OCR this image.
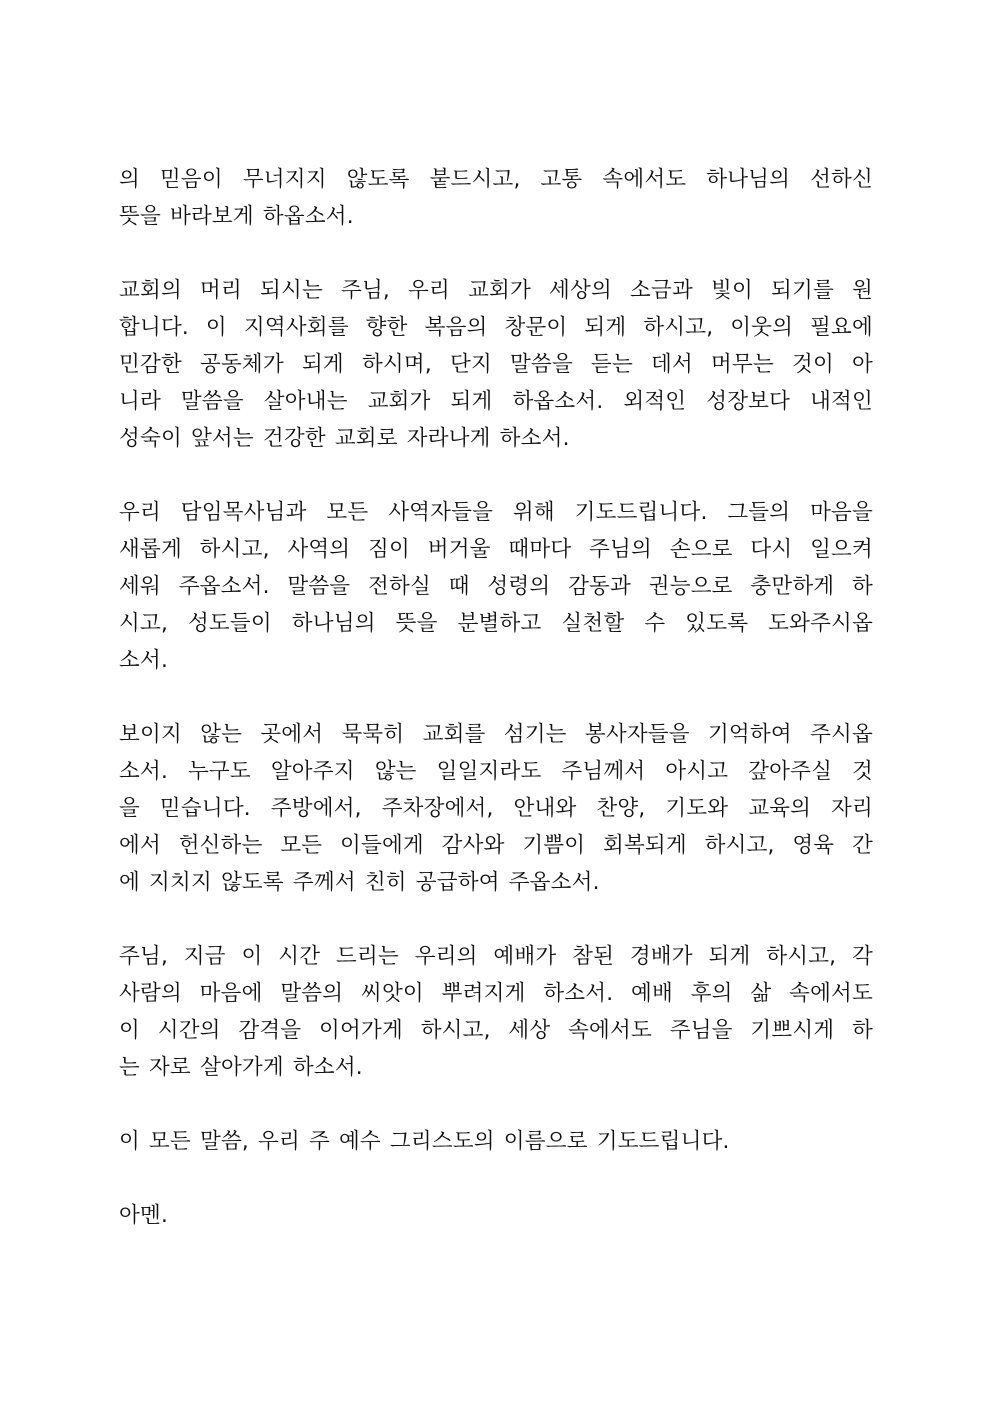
의 믿음이 무너지지 않도록 붙드시고, 고통 속에서도 하나님의 선하신
뜻을 바라보게 하옵소서.
교회의 머리 되시는 주님, 우리 교회가 세상의 소금과 빛이 되기를 원
합니다. 이 지역사회를 향한 복음의 창문이 되게 하시고, 이웃의 필요에
민감한 공동체가 되게 하시며, 단지 말씀을 듣는 데서 머무는 것이 아
니라 말씀을 살아내는 교회가 되게 하옵소서. 외적인 성장보다 내적인
성숙이 앞서는 건강한 교회로 자라나게 하소서.
우리 담임목사님과 모든 사역자들을 위해 기도드립니다. 그들의 마음을
새롭게 하시고, 사역의 짐이 버거울 때마다 주님의 손으로 다시 일으켜
세워 주옵소서. 말씀을 전하실 때 성령의 감동과 권능으로 충만하게 하
시고, 성도들이 하나님의 뜻을 분별하고 실천할 수 있도록 도와주시옵
소서.
보이지 않는 곳에서 묵묵히 교회를 섬기는 봉사자들을 기억하여 주시옵
소서. 누구도 알아주지 않는 일일지라도 주님께서 아시고 갚아주실 것
을 믿습니다. 주방에서, 주차장에서, 안내와 찬양, 기도와 교육의 자리
에서 헌신하는 모든 이들에게 감사와 기쁨이 회복되게 하시고, 영육 간
에 지치지 않도록 주께서 친히 공급하여 주옵소서.
주님, 지금 이 시간 드리는 우리의 예배가 참된 경배가 되게 하시고, 각
사람의 마음에 말씀의 씨앗이 뿌려지게 하소서. 예배 후의 삶 속에서도
이 시간의 감격을 이어가게 하시고, 세상 속에서도 주님을 기쁘시게 하
는 자로 살아가게 하소서.
이 모든 말씀, 우리 주 예수 그리스도의 이름으로 기도드립니다.
아멘.
